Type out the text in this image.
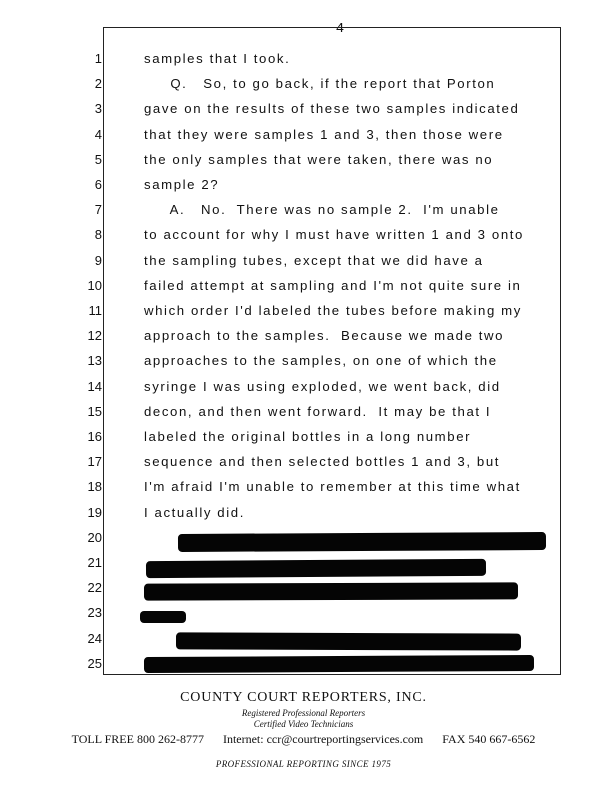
4
1	samples that I took.
2	Q.   So, to go back, if the report that Porton
3	gave on the results of these two samples indicated
4	that they were samples 1 and 3, then those were
5	the only samples that were taken, there was no
6	sample 2?
7	A.   No.  There was no sample 2.  I'm unable
8	to account for why I must have written 1 and 3 onto
9	the sampling tubes, except that we did have a
10	failed attempt at sampling and I'm not quite sure in
11	which order I'd labeled the tubes before making my
12	approach to the samples.  Because we made two
13	approaches to the samples, on one of which the
14	syringe I was using exploded, we went back, did
15	decon, and then went forward.  It may be that I
16	labeled the original bottles in a long number
17	sequence and then selected bottles 1 and 3, but
18	I'm afraid I'm unable to remember at this time what
19	I actually did.
20
21
22
23
24
25
COUNTY COURT REPORTERS, INC.
Registered Professional Reporters
Certified Video Technicians
TOLL FREE 800 262-8777 Internet: ccr@courtreportingservices.com FAX 540 667-6562
PROFESSIONAL REPORTING SINCE 1975
